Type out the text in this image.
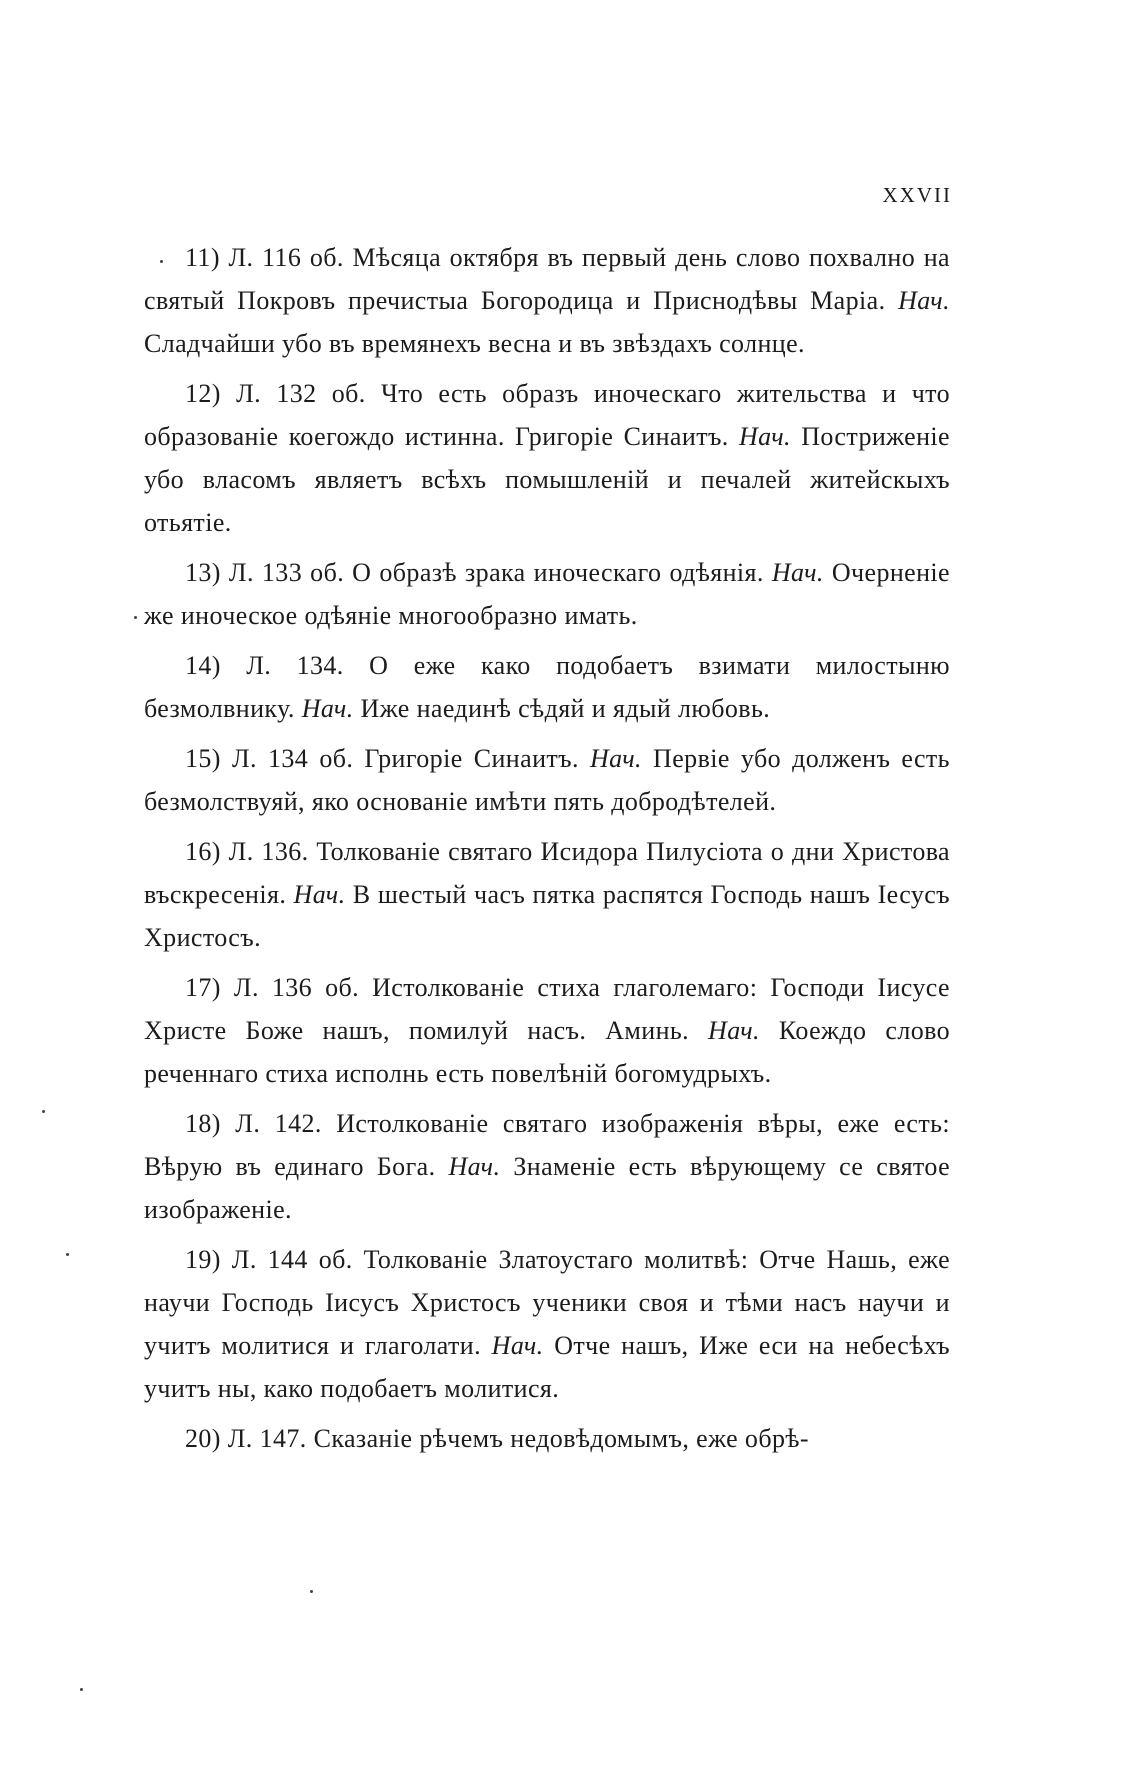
XXVII

11) Л. 116 об. Мѣсяца октября въ первый день слово похвално на святый Покровъ пречистыа Богородица и Приснодѣвы Маріа. Нач. Сладчайши убо въ времянехъ весна и въ звѣздахъ солнце.

12) Л. 132 об. Что есть образъ иноческаго жительства и что образованіе коегождо истинна. Григоріе Синаитъ. Нач. Постриженіе убо власомъ являетъ всѣхъ помышленій и печалей житейскыхъ отьятіе.

13) Л. 133 об. О образѣ зрака иноческаго одѣянія. Нач. Очерненіе же иноческое одѣяніе многообразно имать.

14) Л. 134. О еже како подобаетъ взимати милостыню безмолвнику. Нач. Иже наединѣ сѣдяй и ядый любовь.

15) Л. 134 об. Григоріе Синаитъ. Нач. Первіе убо долженъ есть безмолствуяй, яко основаніе имѣти пять добродѣтелей.

16) Л. 136. Толкованіе святаго Исидора Пилусіота о дни Христова въскресенія. Нач. В шестый часъ пятка распятся Господь нашъ Іесусъ Христосъ.

17) Л. 136 об. Истолкованіе стиха глаголемаго: Господи Іисусе Христе Боже нашъ, помилуй насъ. Аминь. Нач. Коеждо слово реченнаго стиха исполнь есть повелѣній богомудрыхъ.

18) Л. 142. Истолкованіе святаго изображенія вѣры, еже есть: Вѣрую въ единаго Бога. Нач. Знаменіе есть вѣрующему се святое изображеніе.

19) Л. 144 об. Толкованіе Златоустаго молитвѣ: Отче Нашь, еже научи Господь Іисусъ Христосъ ученики своя и тѣми насъ научи и учитъ молитися и глаголати. Нач. Отче нашъ, Иже еси на небесѣхъ учитъ ны, како подобаетъ молитися.

20) Л. 147. Сказаніе рѣчемъ недовѣдомымъ, еже обрѣ-
